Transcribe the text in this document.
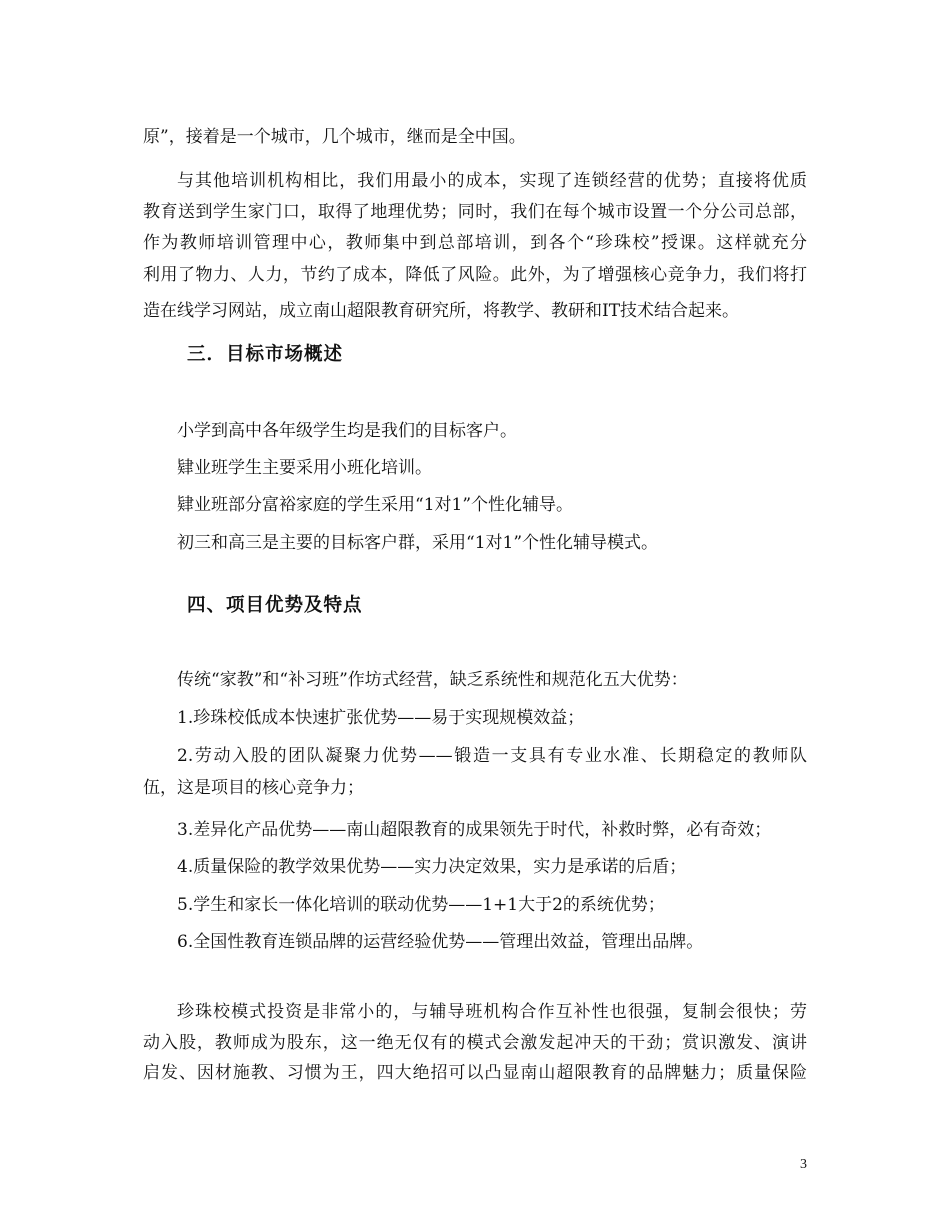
原”，接着是一个城市，几个城市，继而是全中国。
与其他培训机构相比，我们用最小的成本，实现了连锁经营的优势；直接将优质
教育送到学生家门口，取得了地理优势；同时，我们在每个城市设置一个分公司总部，
作为教师培训管理中心，教师集中到总部培训，到各个“珍珠校”授课。这样就充分
利用了物力、人力，节约了成本，降低了风险。此外，为了增强核心竞争力，我们将打
造在线学习网站，成立南山超限教育研究所，将教学、教研和IT技术结合起来。
三．目标市场概述
小学到高中各年级学生均是我们的目标客户。
肄业班学生主要采用小班化培训。
肄业班部分富裕家庭的学生采用“1对1”个性化辅导。
初三和高三是主要的目标客户群，采用“1对1”个性化辅导模式。
四、项目优势及特点
传统“家教”和“补习班”作坊式经营，缺乏系统性和规范化五大优势：
1.珍珠校低成本快速扩张优势——易于实现规模效益；
2.劳动入股的团队凝聚力优势——锻造一支具有专业水准、长期稳定的教师队
伍，这是项目的核心竞争力；
3.差异化产品优势——南山超限教育的成果领先于时代，补救时弊，必有奇效；
4.质量保险的教学效果优势——实力决定效果，实力是承诺的后盾；
5.学生和家长一体化培训的联动优势——1+1大于2的系统优势；
6.全国性教育连锁品牌的运营经验优势——管理出效益，管理出品牌。
珍珠校模式投资是非常小的，与辅导班机构合作互补性也很强，复制会很快；劳
动入股，教师成为股东，这一绝无仅有的模式会激发起冲天的干劲；赏识激发、演讲
启发、因材施教、习惯为王，四大绝招可以凸显南山超限教育的品牌魅力；质量保险
3
